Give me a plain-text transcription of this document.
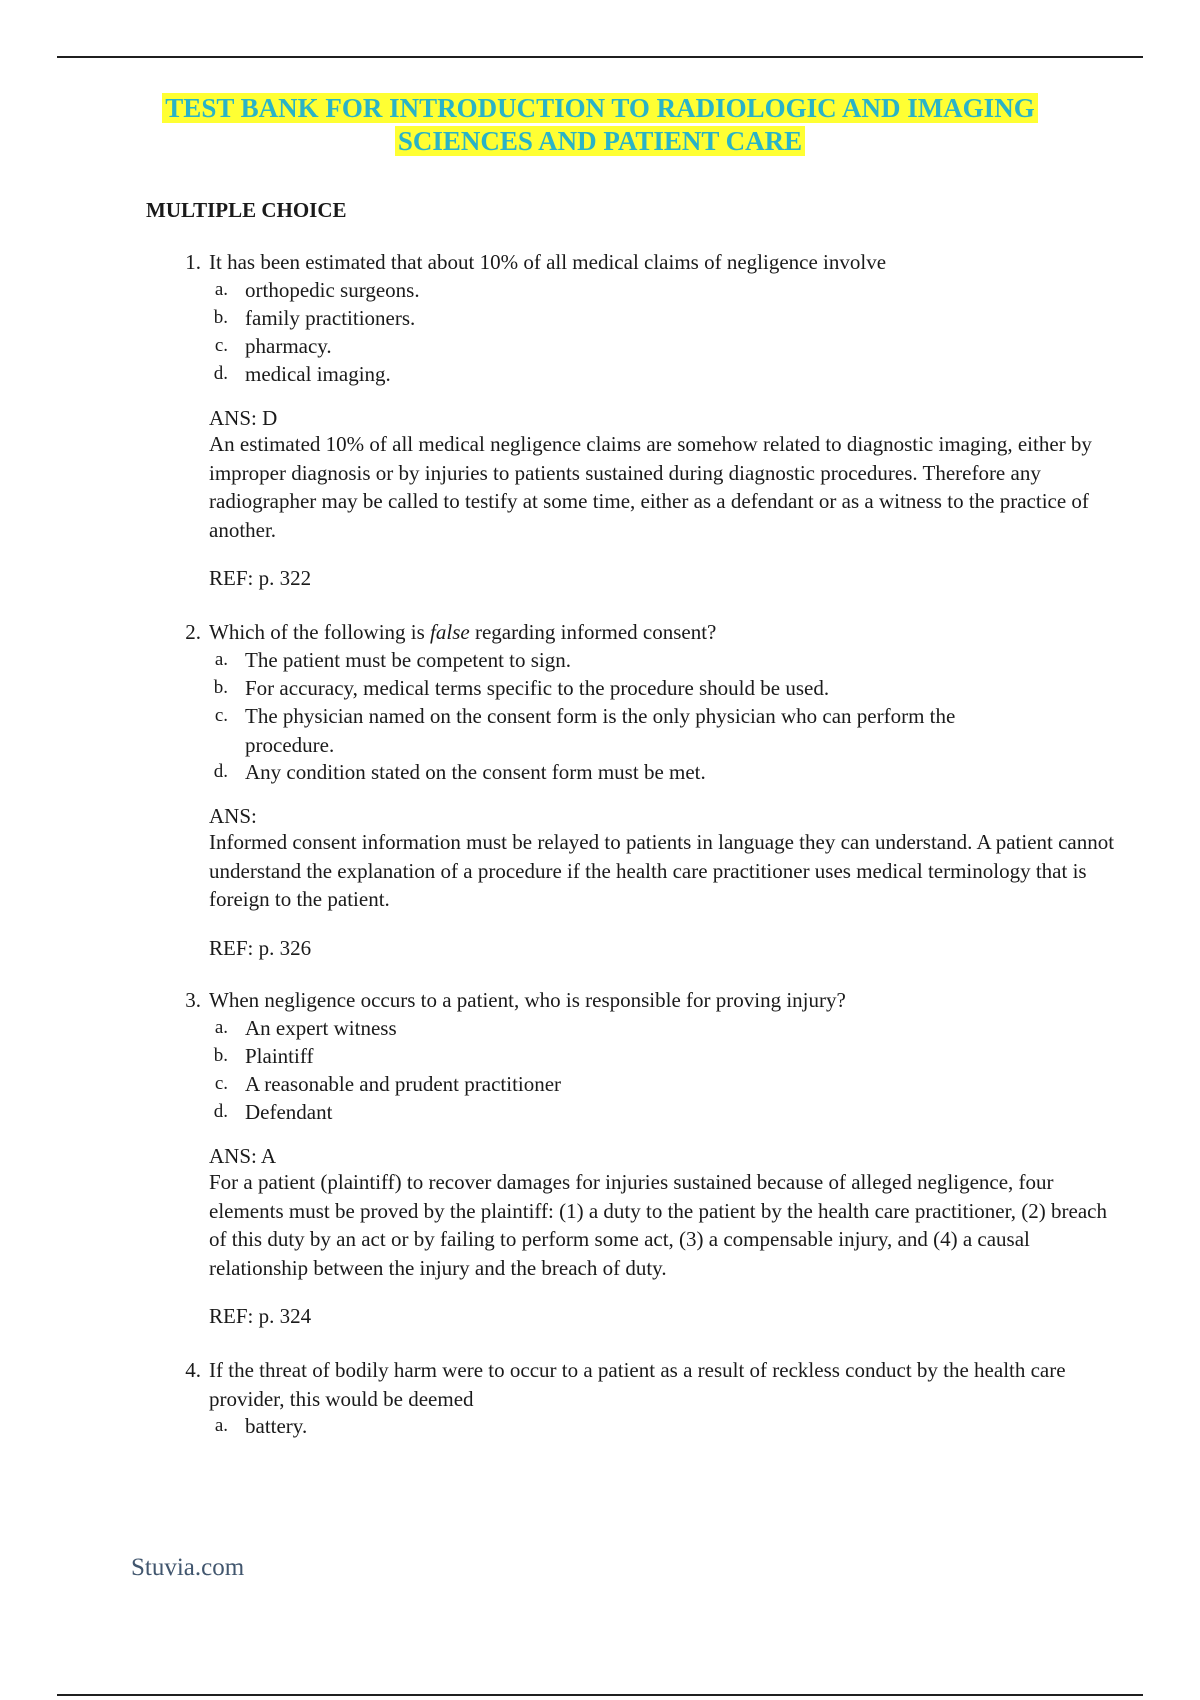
TEST BANK FOR INTRODUCTION TO RADIOLOGIC AND IMAGING
SCIENCES AND PATIENT CARE
MULTIPLE CHOICE
1. It has been estimated that about 10% of all medical claims of negligence involve
a. orthopedic surgeons.
b. family practitioners.
c. pharmacy.
d. medical imaging.
ANS: D
An estimated 10% of all medical negligence claims are somehow related to diagnostic imaging, either by improper diagnosis or by injuries to patients sustained during diagnostic procedures. Therefore any radiographer may be called to testify at some time, either as a defendant or as a witness to the practice of another.
REF: p. 322
2. Which of the following is false regarding informed consent?
a. The patient must be competent to sign.
b. For accuracy, medical terms specific to the procedure should be used.
c. The physician named on the consent form is the only physician who can perform the procedure.
d. Any condition stated on the consent form must be met.
ANS:
Informed consent information must be relayed to patients in language they can understand. A patient cannot understand the explanation of a procedure if the health care practitioner uses medical terminology that is foreign to the patient.
REF: p. 326
3. When negligence occurs to a patient, who is responsible for proving injury?
a. An expert witness
b. Plaintiff
c. A reasonable and prudent practitioner
d. Defendant
ANS: A
For a patient (plaintiff) to recover damages for injuries sustained because of alleged negligence, four elements must be proved by the plaintiff: (1) a duty to the patient by the health care practitioner, (2) breach of this duty by an act or by failing to perform some act, (3) a compensable injury, and (4) a causal relationship between the injury and the breach of duty.
REF: p. 324
4. If the threat of bodily harm were to occur to a patient as a result of reckless conduct by the health care provider, this would be deemed
a. battery.
Stuvia.com
